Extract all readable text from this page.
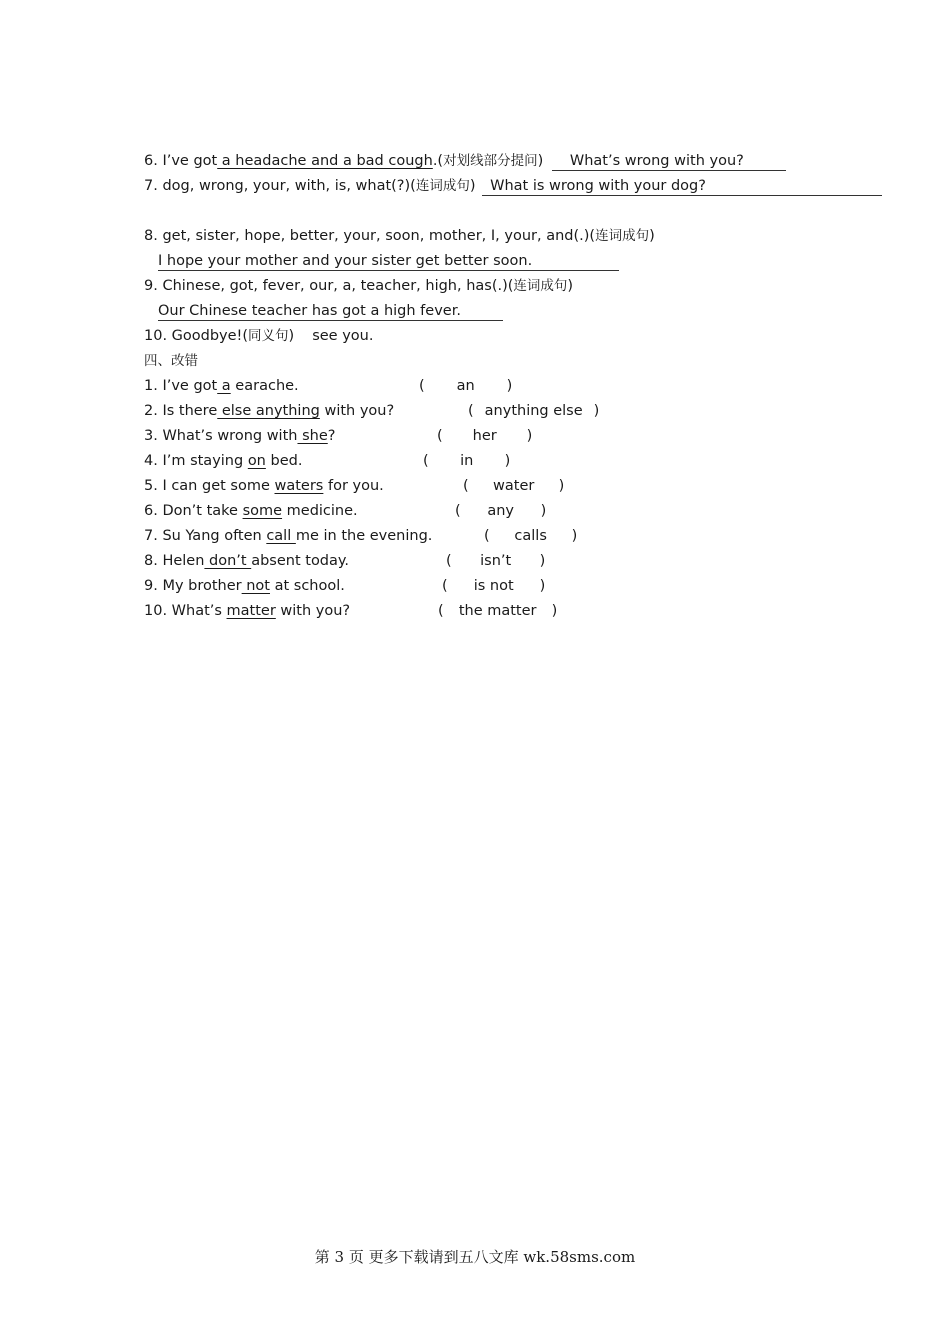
6. I’ve got a headache and a bad cough.(对划线部分提问) What’s wrong with you?
7. dog, wrong, your, with, is, what(?)(连词成句) What is wrong with your dog?
8. get, sister, hope, better, your, soon, mother, I, your, and(.)(连词成句)
I hope your mother and your sister get better soon.
9. Chinese, got, fever, our, a, teacher, high, has(.)(连词成句)
Our Chinese teacher has got a high fever.
10. Goodbye!(同义句) see you.
四、改错
1. I’ve got a earache.	( an )
2. Is there else anything with you?	( anything else )
3. What’s wrong with she?	( her )
4. I’m staying on bed.	( in )
5. I can get some waters for you.	( water )
6. Don’t take some medicine.	( any )
7. Su Yang often call me in the evening.	( calls )
8. Helen don’t absent today.	( isn’t )
9. My brother not at school.	( is not )
10. What’s matter with you?	( the matter )
第 3 页 更多下载请到五八文库 wk.58sms.com
